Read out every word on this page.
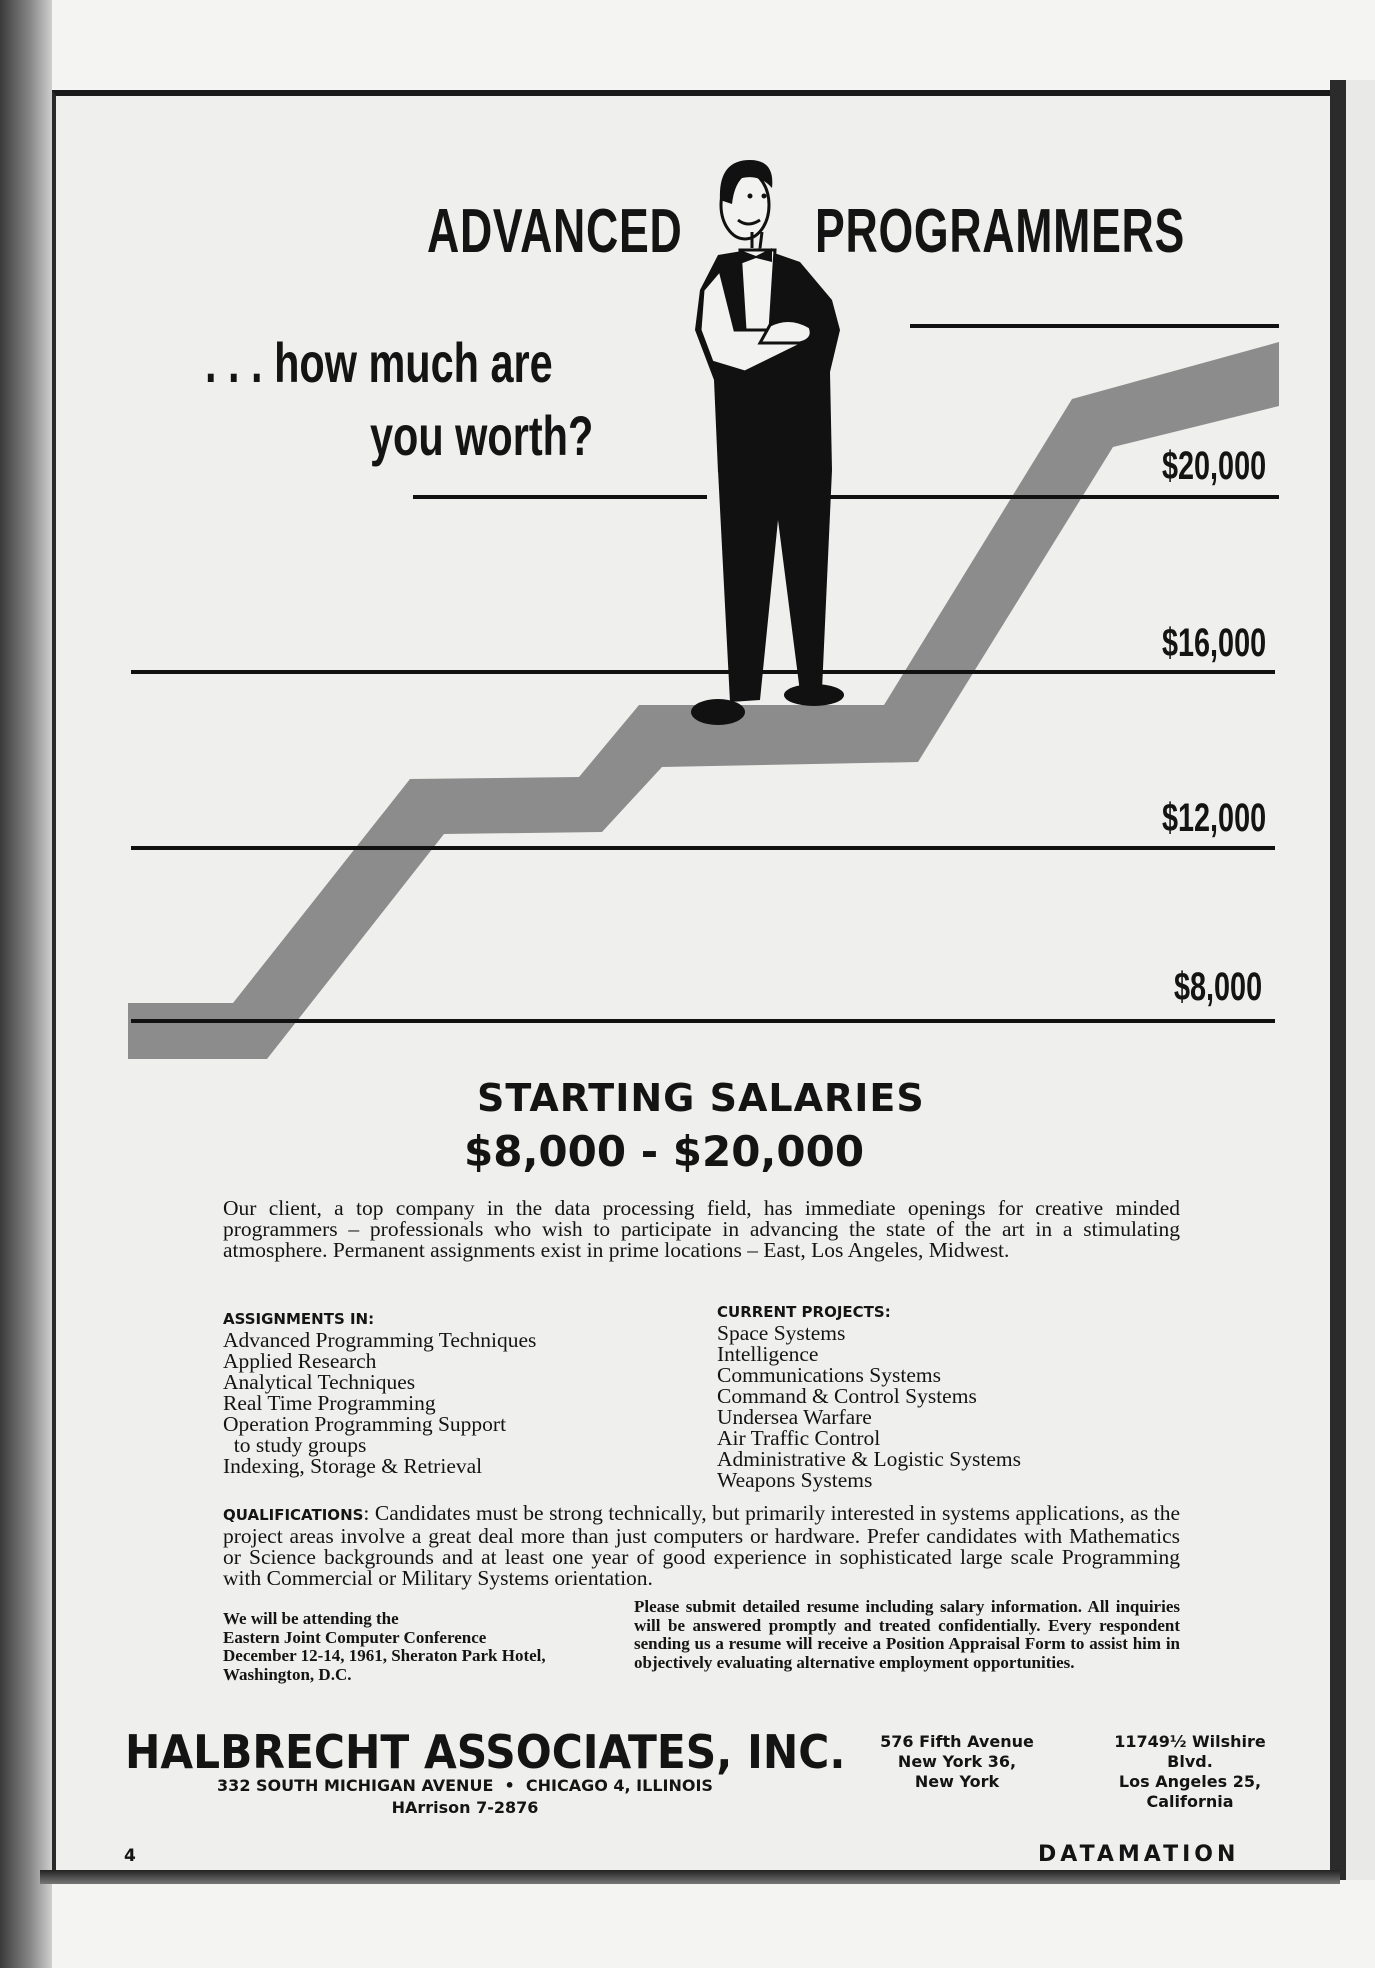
ADVANCED PROGRAMMERS
. . . how much are
you worth?	$20,000
$16,000
$12,000
$8,000
STARTING SALARIES
$8,000 - $20,000
Our client, a top company in the data processing field, has immediate openings for creative minded programmers – professionals who wish to participate in advancing the state of the art in a stimulating atmosphere. Permanent assignments exist in prime locations – East, Los Angeles, Midwest.
ASSIGNMENTS IN:
Advanced Programming Techniques
Applied Research
Analytical Techniques
Real Time Programming
Operation Programming Support
to study groups
Indexing, Storage & Retrieval
CURRENT PROJECTS:
Space Systems
Intelligence
Communications Systems
Command & Control Systems
Undersea Warfare
Air Traffic Control
Administrative & Logistic Systems
Weapons Systems
QUALIFICATIONS: Candidates must be strong technically, but primarily interested in systems applications, as the project areas involve a great deal more than just computers or hardware. Prefer candidates with Mathematics or Science backgrounds and at least one year of good experience in sophisticated large scale Programming with Commercial or Military Systems orientation.
We will be attending the
Eastern Joint Computer Conference
December 12-14, 1961, Sheraton Park Hotel,
Washington, D.C.
Please submit detailed resume including salary information. All inquiries will be answered promptly and treated confidentially. Every respondent sending us a resume will receive a Position Appraisal Form to assist him in objectively evaluating alternative employment opportunities.
HALBRECHT ASSOCIATES, INC.
332 SOUTH MICHIGAN AVENUE  •  CHICAGO 4, ILLINOIS
HArrison 7-2876
576 Fifth Avenue
New York 36,
New York
11749½ Wilshire
Blvd.
Los Angeles 25,
California
4	DATAMATION
